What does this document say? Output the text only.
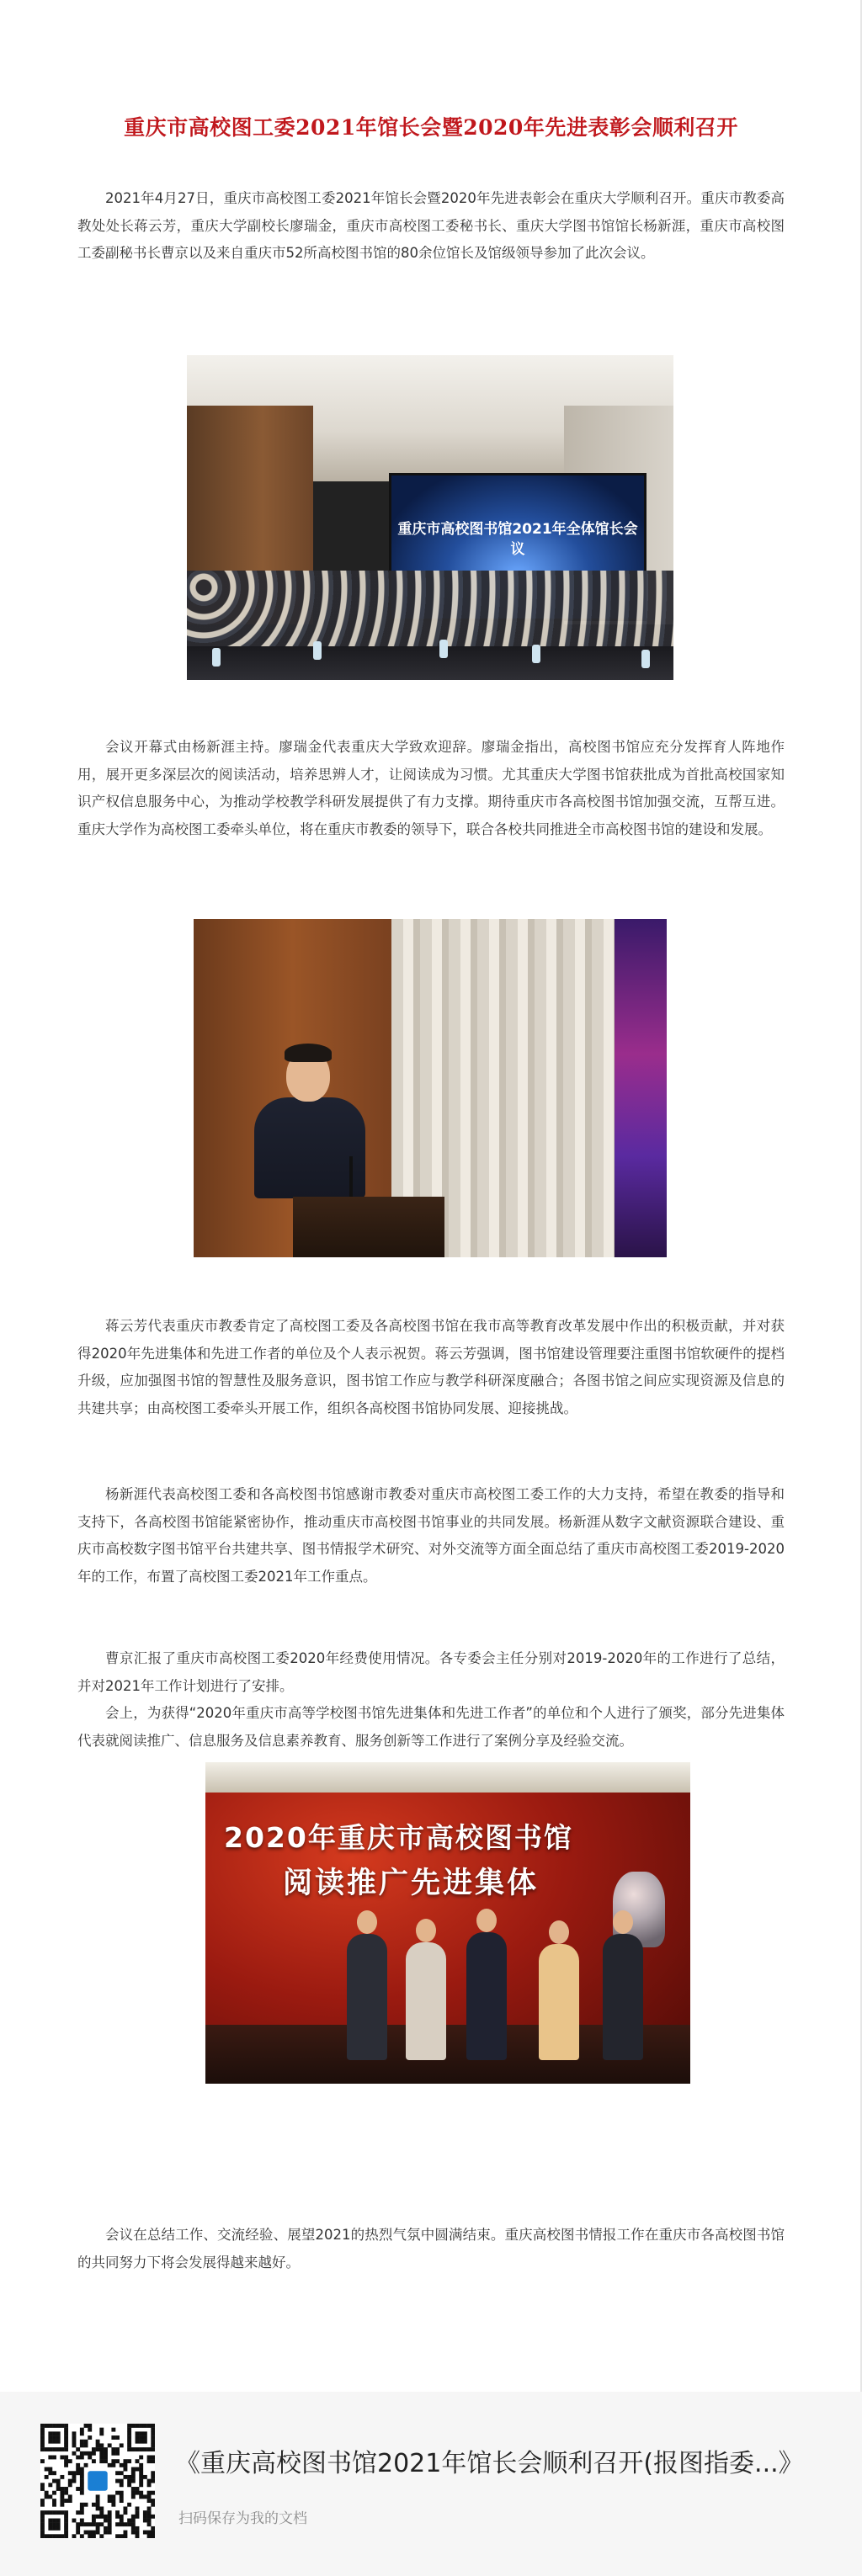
重庆市高校图工委2021年馆长会暨2020年先进表彰会顺利召开

2021年4月27日，重庆市高校图工委2021年馆长会暨2020年先进表彰会在重庆大学顺利召开。重庆市教委高教处处长蒋云芳，重庆大学副校长廖瑞金，重庆市高校图工委秘书长、重庆大学图书馆馆长杨新涯，重庆市高校图工委副秘书长曹京以及来自重庆市52所高校图书馆的80余位馆长及馆级领导参加了此次会议。

重庆市高校图书馆2021年全体馆长会议

会议开幕式由杨新涯主持。廖瑞金代表重庆大学致欢迎辞。廖瑞金指出，高校图书馆应充分发挥育人阵地作用，展开更多深层次的阅读活动，培养思辨人才，让阅读成为习惯。尤其重庆大学图书馆获批成为首批高校国家知识产权信息服务中心，为推动学校教学科研发展提供了有力支撑。期待重庆市各高校图书馆加强交流，互帮互进。重庆大学作为高校图工委牵头单位，将在重庆市教委的领导下，联合各校共同推进全市高校图书馆的建设和发展。

蒋云芳代表重庆市教委肯定了高校图工委及各高校图书馆在我市高等教育改革发展中作出的积极贡献，并对获得2020年先进集体和先进工作者的单位及个人表示祝贺。蒋云芳强调，图书馆建设管理要注重图书馆软硬件的提档升级，应加强图书馆的智慧性及服务意识，图书馆工作应与教学科研深度融合；各图书馆之间应实现资源及信息的共建共享；由高校图工委牵头开展工作，组织各高校图书馆协同发展、迎接挑战。

杨新涯代表高校图工委和各高校图书馆感谢市教委对重庆市高校图工委工作的大力支持，希望在教委的指导和支持下，各高校图书馆能紧密协作，推动重庆市高校图书馆事业的共同发展。杨新涯从数字文献资源联合建设、重庆市高校数字图书馆平台共建共享、图书情报学术研究、对外交流等方面全面总结了重庆市高校图工委2019-2020年的工作，布置了高校图工委2021年工作重点。

曹京汇报了重庆市高校图工委2020年经费使用情况。各专委会主任分别对2019-2020年的工作进行了总结，并对2021年工作计划进行了安排。

会上，为获得“2020年重庆市高等学校图书馆先进集体和先进工作者”的单位和个人进行了颁奖，部分先进集体代表就阅读推广、信息服务及信息素养教育、服务创新等工作进行了案例分享及经验交流。

2020年重庆市高校图书馆
阅读推广先进集体

会议在总结工作、交流经验、展望2021的热烈气氛中圆满结束。重庆高校图书情报工作在重庆市各高校图书馆的共同努力下将会发展得越来越好。

《重庆高校图书馆2021年馆长会顺利召开(报图指委...》
扫码保存为我的文档
